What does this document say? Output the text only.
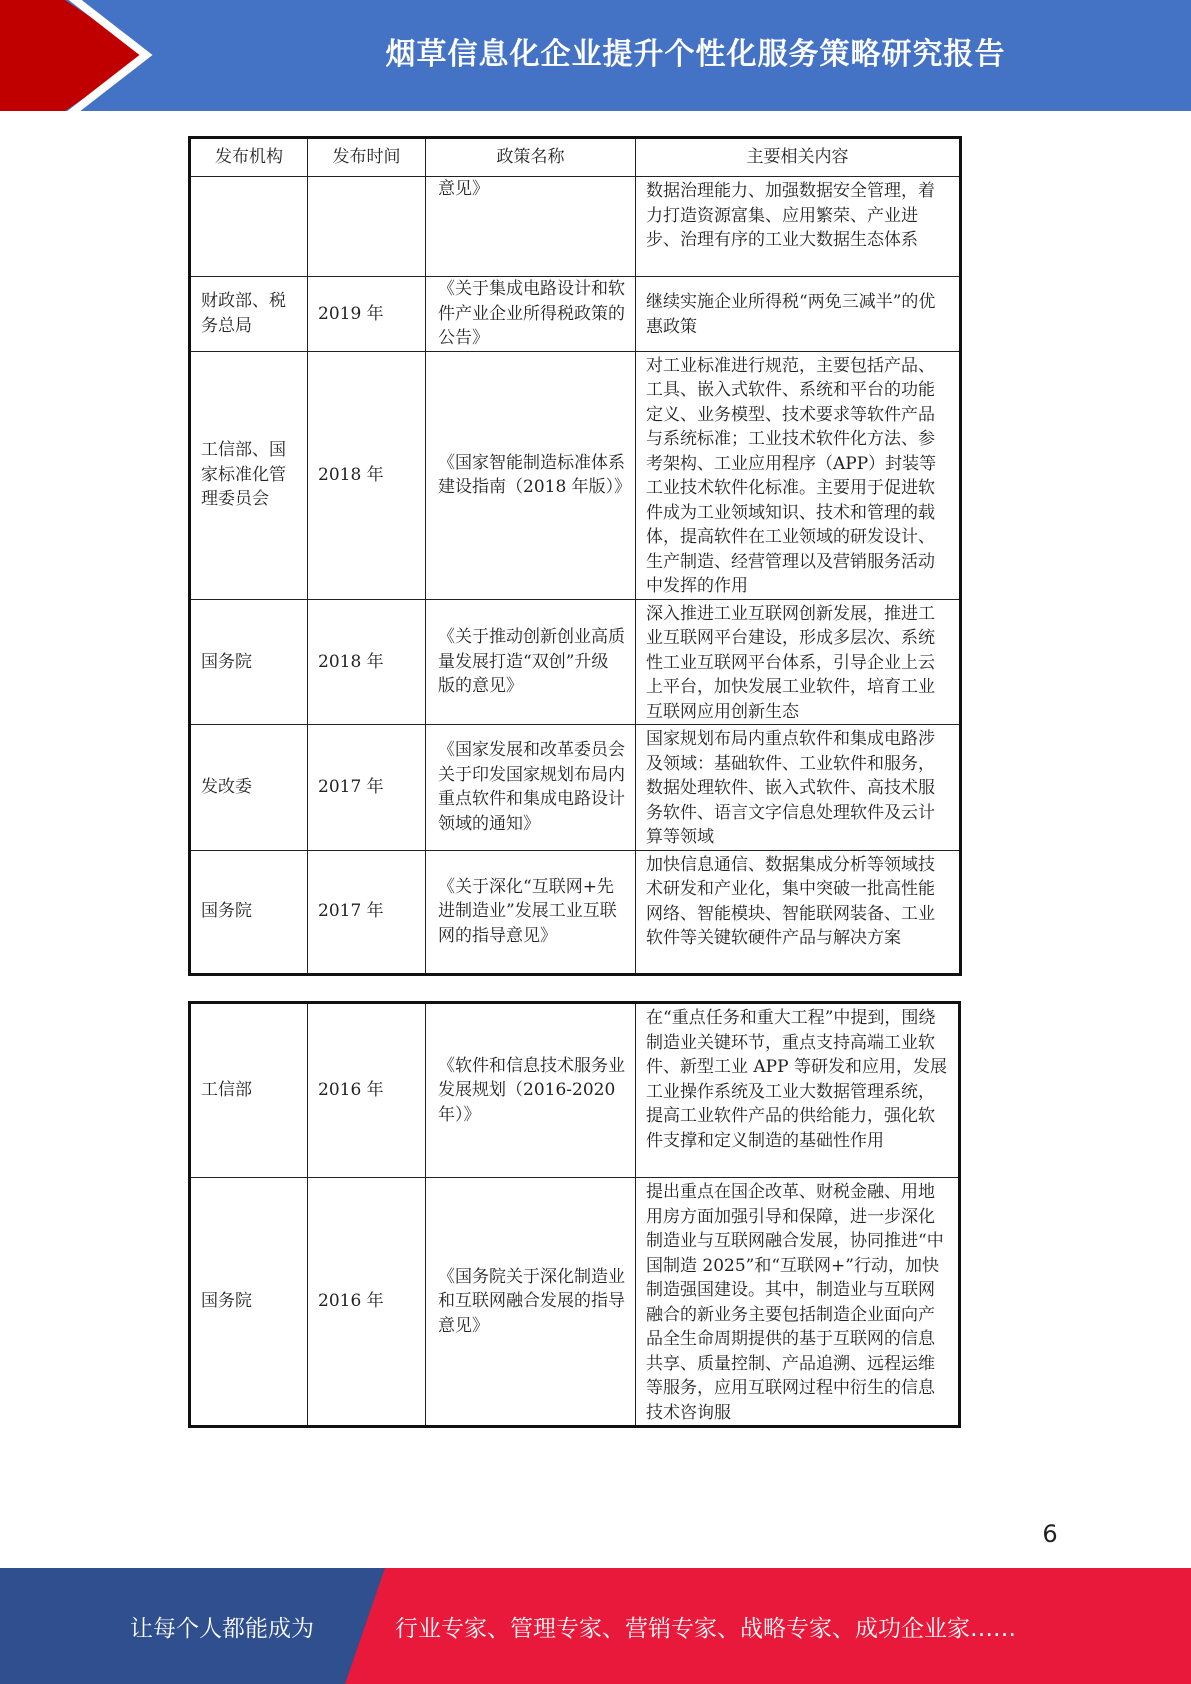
烟草信息化企业提升个性化服务策略研究报告
发布机构	发布时间	政策名称	主要相关内容
		意见》	数据治理能力、加强数据安全管理，着力打造资源富集、应用繁荣、产业进步、治理有序的工业大数据生态体系
财政部、税务总局	2019 年	《关于集成电路设计和软件产业企业所得税政策的公告》	继续实施企业所得税“两免三减半”的优惠政策
工信部、国家标准化管理委员会	2018 年	《国家智能制造标准体系建设指南（2018 年版）》	对工业标准进行规范，主要包括产品、工具、嵌入式软件、系统和平台的功能定义、业务模型、技术要求等软件产品与系统标准；工业技术软件化方法、参考架构、工业应用程序（APP）封装等工业技术软件化标准。主要用于促进软件成为工业领域知识、技术和管理的载体，提高软件在工业领域的研发设计、生产制造、经营管理以及营销服务活动中发挥的作用
国务院	2018 年	《关于推动创新创业高质量发展打造“双创”升级版的意见》	深入推进工业互联网创新发展，推进工业互联网平台建设，形成多层次、系统性工业互联网平台体系，引导企业上云上平台，加快发展工业软件，培育工业互联网应用创新生态
发改委	2017 年	《国家发展和改革委员会关于印发国家规划布局内重点软件和集成电路设计领域的通知》	国家规划布局内重点软件和集成电路涉及领域：基础软件、工业软件和服务，数据处理软件、嵌入式软件、高技术服务软件、语言文字信息处理软件及云计算等领域
国务院	2017 年	《关于深化“互联网+先进制造业”发展工业互联网的指导意见》	加快信息通信、数据集成分析等领域技术研发和产业化，集中突破一批高性能网络、智能模块、智能联网装备、工业软件等关键软硬件产品与解决方案
工信部	2016 年	《软件和信息技术服务业发展规划（2016-2020 年）》	在“重点任务和重大工程”中提到，围绕制造业关键环节，重点支持高端工业软件、新型工业 APP 等研发和应用，发展工业操作系统及工业大数据管理系统，提高工业软件产品的供给能力，强化软件支撑和定义制造的基础性作用
国务院	2016 年	《国务院关于深化制造业和互联网融合发展的指导意见》	提出重点在国企改革、财税金融、用地用房方面加强引导和保障，进一步深化制造业与互联网融合发展，协同推进“中国制造 2025”和“互联网+”行动，加快制造强国建设。其中，制造业与互联网融合的新业务主要包括制造企业面向产品全生命周期提供的基于互联网的信息共享、质量控制、产品追溯、远程运维等服务，应用互联网过程中衍生的信息技术咨询服
6
让每个人都能成为	行业专家、管理专家、营销专家、战略专家、成功企业家……
